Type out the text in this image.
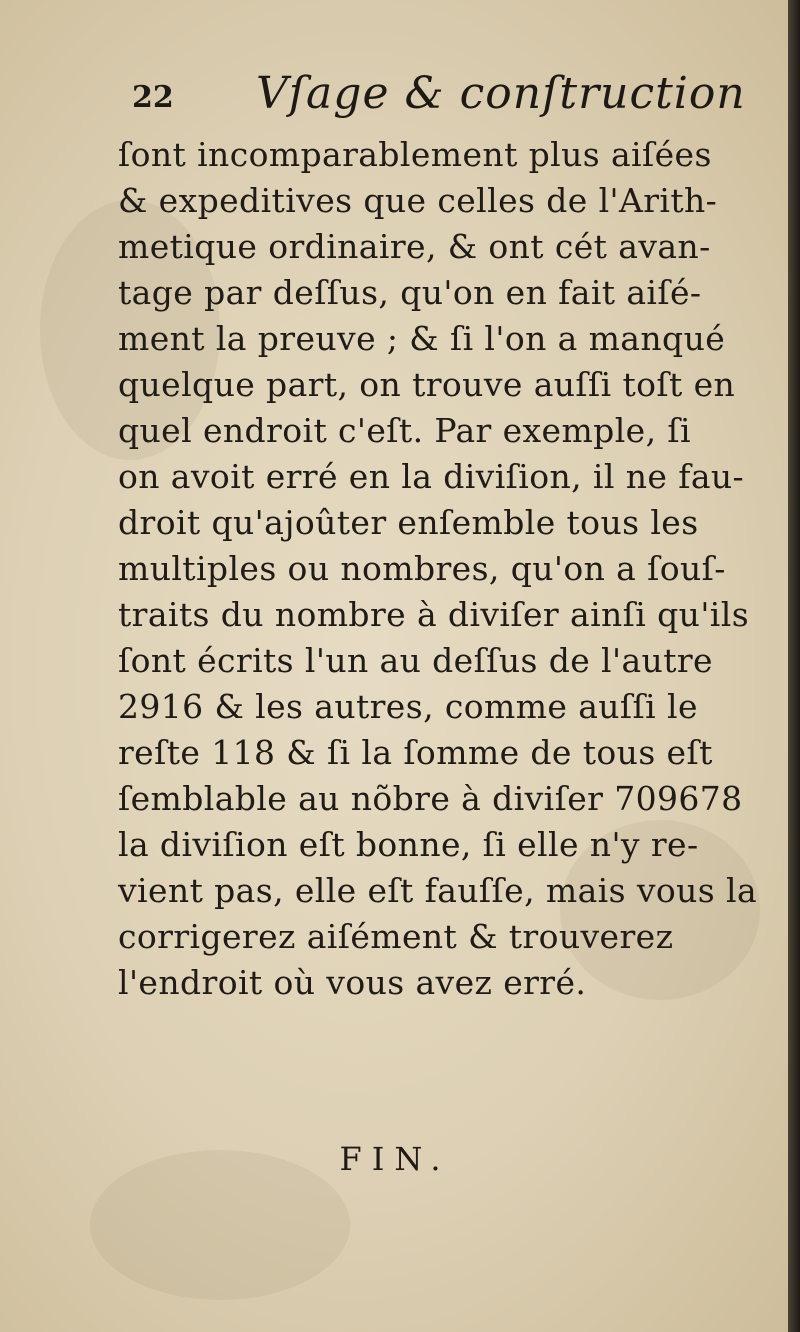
22 Vſage & conſtruction
ſont incomparablement plus aiſées
& expeditives que celles de l'Arith-
metique ordinaire, & ont cét avan-
tage par deſſus, qu'on en fait aiſé-
ment la preuve ; & ſi l'on a manqué
quelque part, on trouve auſſi toſt en
quel endroit c'eſt. Par exemple, ſi
on avoit erré en la diviſion, il ne fau-
droit qu'ajoûter enſemble tous les
multiples ou nombres, qu'on a ſouſ-
traits du nombre à diviſer ainſi qu'ils
ſont écrits l'un au deſſus de l'autre
2916 & les autres, comme auſſi le
reſte 118 & ſi la ſomme de tous eſt
ſemblable au nõbre à diviſer 709678
la diviſion eſt bonne, ſi elle n'y re-
vient pas, elle eſt fauſſe, mais vous la
corrigerez aiſément & trouverez
l'endroit où vous avez erré.
FIN.
